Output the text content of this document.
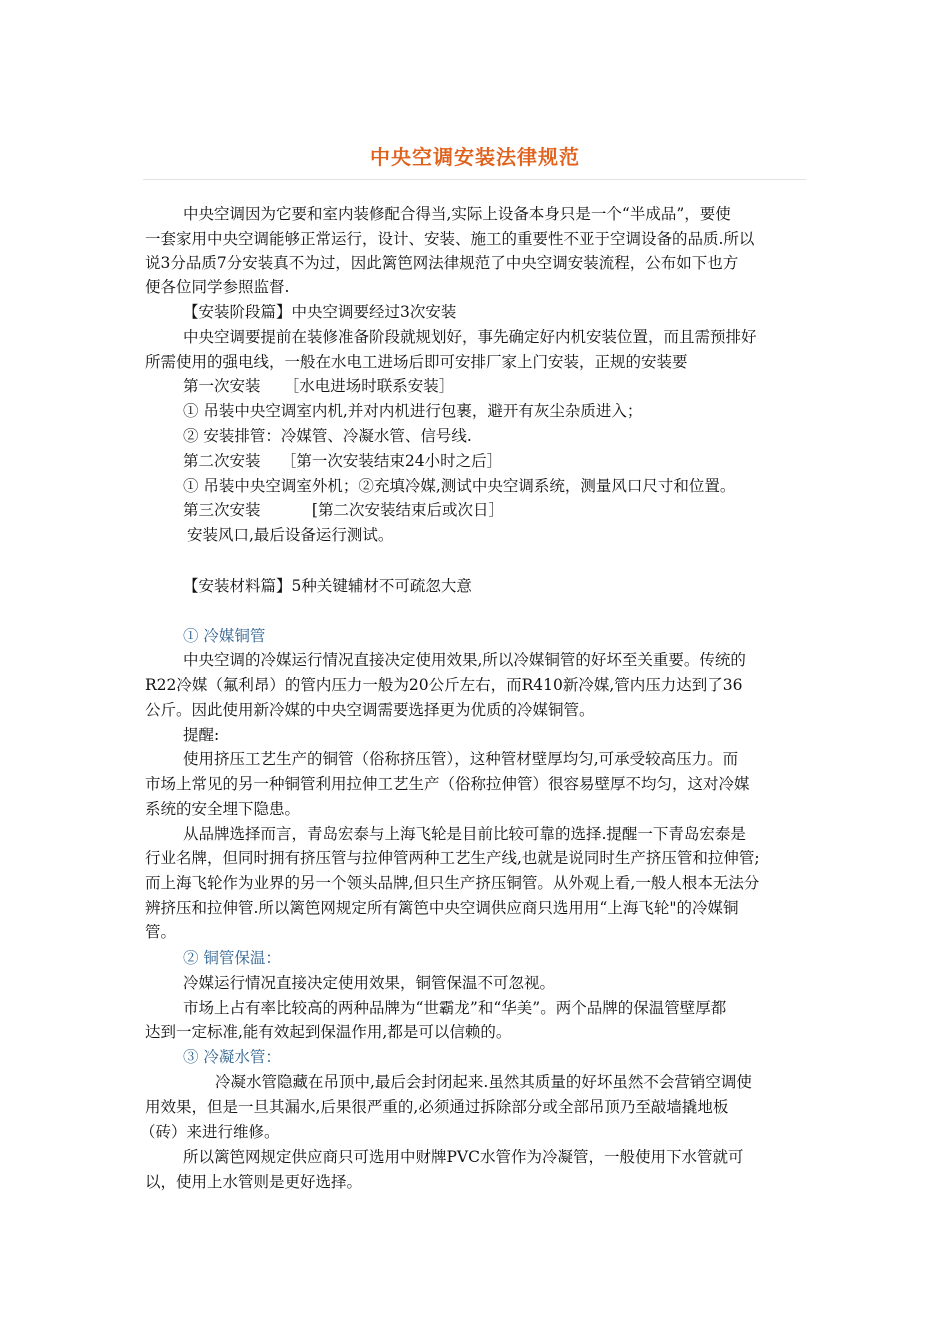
中央空调安装法律规范
中央空调因为它要和室内装修配合得当,实际上设备本身只是一个“半成品”，要使
一套家用中央空调能够正常运行，设计、安装、施工的重要性不亚于空调设备的品质.所以
说3分品质7分安装真不为过，因此篱笆网法律规范了中央空调安装流程，公布如下也方
便各位同学参照监督.
【安装阶段篇】中央空调要经过3次安装
中央空调要提前在装修准备阶段就规划好，事先确定好内机安装位置，而且需预排好
所需使用的强电线，一般在水电工进场后即可安排厂家上门安装，正规的安装要
第一次安装　　［水电进场时联系安装］
① 吊装中央空调室内机,并对内机进行包裹，避开有灰尘杂质进入；
② 安装排管：冷媒管、冷凝水管、信号线.
第二次安装　 ［第一次安装结束24小时之后］
① 吊装中央空调室外机；②充填冷媒,测试中央空调系统，测量风口尺寸和位置。
第三次安装　　　 [第二次安装结束后或次日］
安装风口,最后设备运行测试。
【安装材料篇】5种关键辅材不可疏忽大意
① 冷媒铜管
中央空调的冷媒运行情况直接决定使用效果,所以冷媒铜管的好坏至关重要。传统的
R22冷媒（氟利昂）的管内压力一般为20公斤左右，而R410新冷媒,管内压力达到了36
公斤。因此使用新冷媒的中央空调需要选择更为优质的冷媒铜管。
提醒:
使用挤压工艺生产的铜管（俗称挤压管），这种管材壁厚均匀,可承受较高压力。而
市场上常见的另一种铜管利用拉伸工艺生产（俗称拉伸管）很容易壁厚不均匀，这对冷媒
系统的安全埋下隐患。
从品牌选择而言，青岛宏泰与上海飞轮是目前比较可靠的选择.提醒一下青岛宏泰是
行业名牌，但同时拥有挤压管与拉伸管两种工艺生产线,也就是说同时生产挤压管和拉伸管;
而上海飞轮作为业界的另一个领头品牌,但只生产挤压铜管。从外观上看,一般人根本无法分
辨挤压和拉伸管.所以篱笆网规定所有篱笆中央空调供应商只选用用“上海飞轮"的冷媒铜
管。
② 铜管保温：
冷媒运行情况直接决定使用效果，铜管保温不可忽视。
市场上占有率比较高的两种品牌为“世霸龙”和“华美”。两个品牌的保温管壁厚都
达到一定标准,能有效起到保温作用,都是可以信赖的。
③ 冷凝水管：
冷凝水管隐藏在吊顶中,最后会封闭起来.虽然其质量的好坏虽然不会营销空调使
用效果，但是一旦其漏水,后果很严重的,必须通过拆除部分或全部吊顶乃至敲墙撬地板
（砖）来进行维修。
所以篱笆网规定供应商只可选用中财牌PVC水管作为冷凝管，一般使用下水管就可
以，使用上水管则是更好选择。
